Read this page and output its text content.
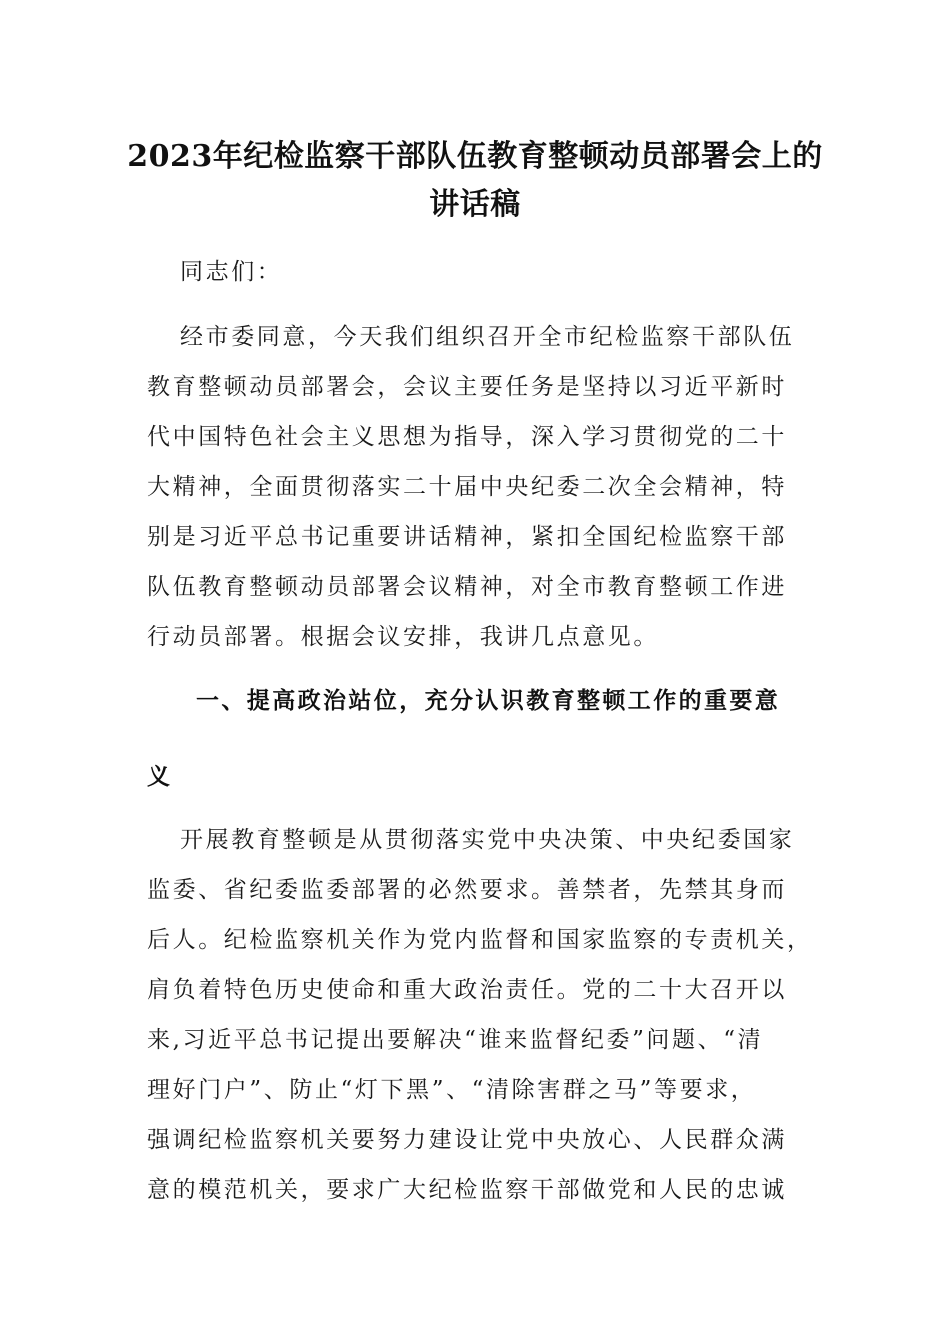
2023年纪检监察干部队伍教育整顿动员部署会上的
讲话稿
同志们：
经市委同意，今天我们组织召开全市纪检监察干部队伍
教育整顿动员部署会，会议主要任务是坚持以习近平新时
代中国特色社会主义思想为指导，深入学习贯彻党的二十
大精神，全面贯彻落实二十届中央纪委二次全会精神，特
别是习近平总书记重要讲话精神，紧扣全国纪检监察干部
队伍教育整顿动员部署会议精神，对全市教育整顿工作进
行动员部署。根据会议安排，我讲几点意见。
一、提高政治站位，充分认识教育整顿工作的重要意
义
开展教育整顿是从贯彻落实党中央决策、中央纪委国家
监委、省纪委监委部署的必然要求。善禁者，先禁其身而
后人。纪检监察机关作为党内监督和国家监察的专责机关，
肩负着特色历史使命和重大政治责任。党的二十大召开以
来,习近平总书记提出要解决“谁来监督纪委”问题、“清
理好门户”、防止“灯下黑”、“清除害群之马”等要求，
强调纪检监察机关要努力建设让党中央放心、人民群众满
意的模范机关，要求广大纪检监察干部做党和人民的忠诚
